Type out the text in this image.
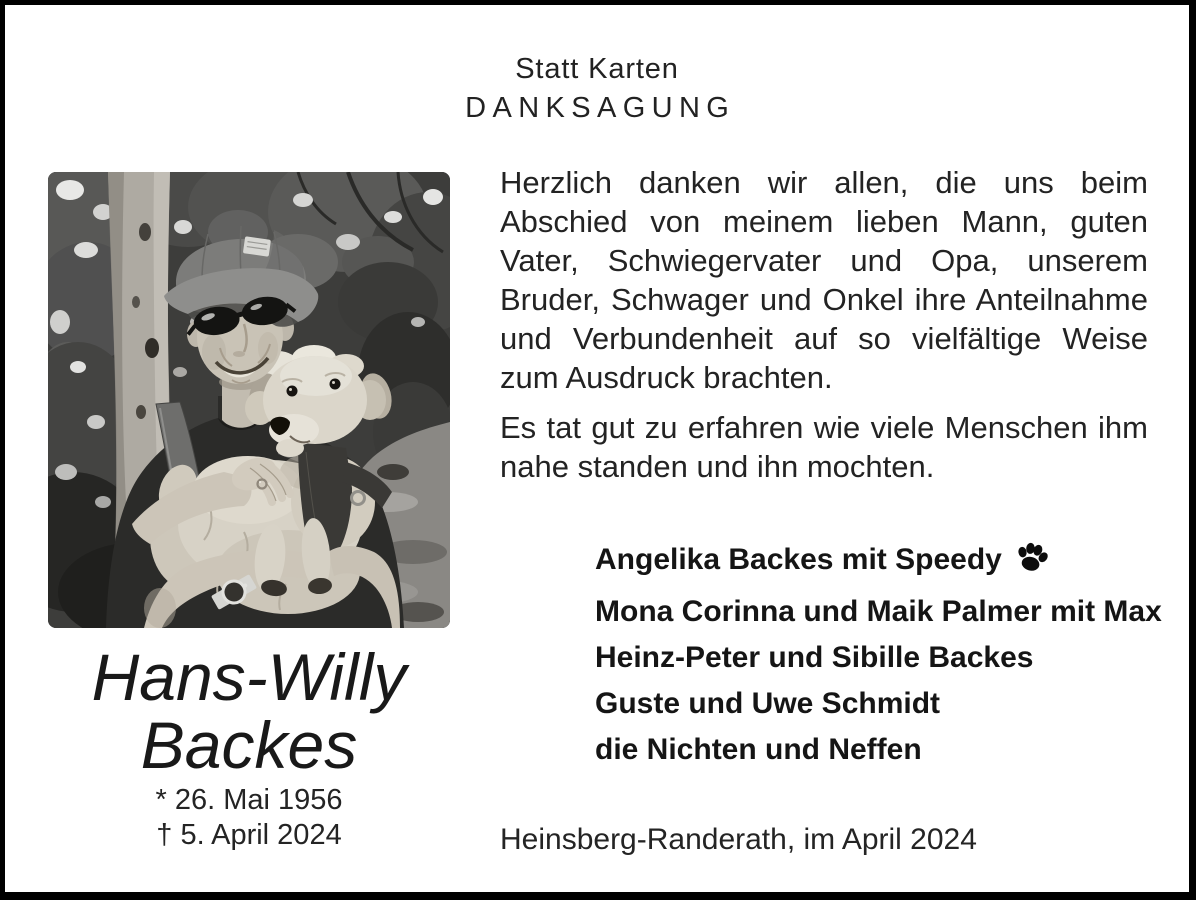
Statt Karten
DANKSAGUNG
Hans-Willy
Backes
* 26. Mai 1956
† 5. April 2024
Herzlich danken wir allen, die uns beim Abschied von meinem lieben Mann, guten Vater, Schwiegervater und Opa, unserem Bruder, Schwager und Onkel ihre Anteilnahme und Verbundenheit auf so vielfältige Weise zum Ausdruck brachten.
Es tat gut zu erfahren wie viele Menschen ihm nahe standen und ihn mochten.
Angelika Backes mit Speedy
Mona Corinna und Maik Palmer mit Max
Heinz-Peter und Sibille Backes
Guste und Uwe Schmidt
die Nichten und Neffen
Heinsberg-Randerath, im April 2024
